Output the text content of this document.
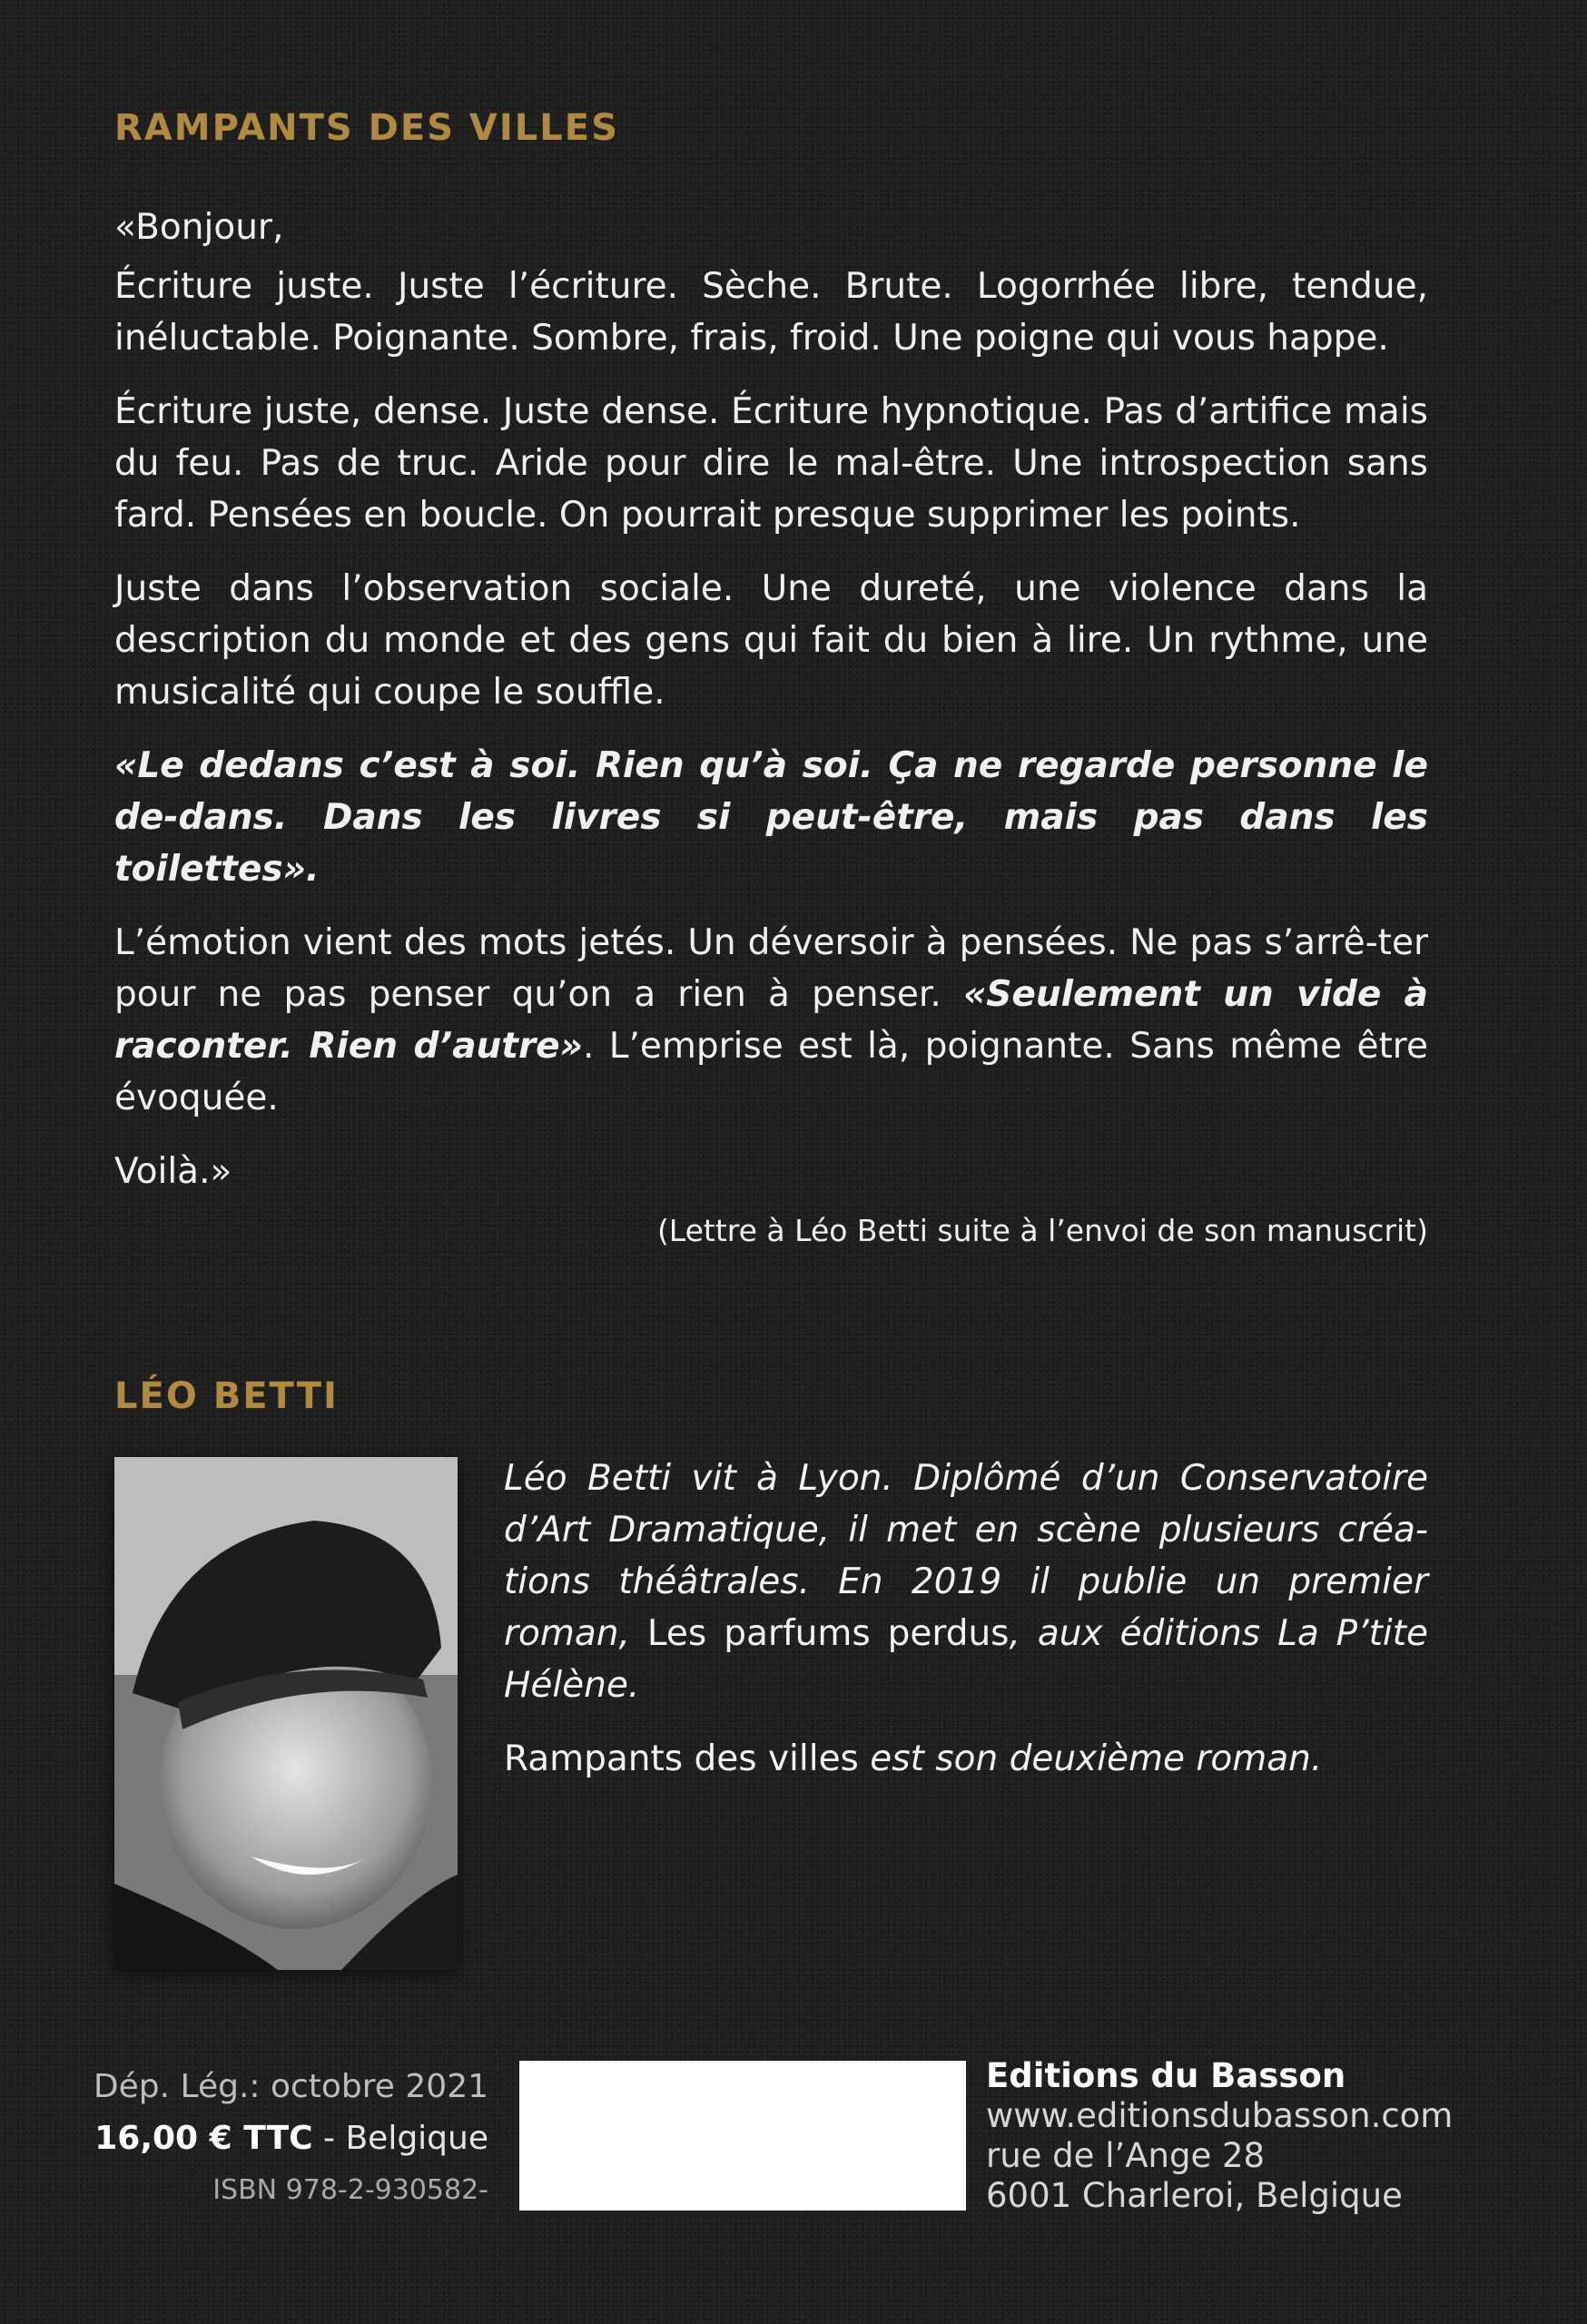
RAMPANTS DES VILLES

«Bonjour,

Écriture juste. Juste l’écriture. Sèche. Brute. Logorrhée libre, tendue, inéluctable. Poignante. Sombre, frais, froid. Une poigne qui vous happe.

Écriture juste, dense. Juste dense. Écriture hypnotique. Pas d’artifice mais du feu. Pas de truc. Aride pour dire le mal-être. Une introspection sans fard. Pensées en boucle. On pourrait presque supprimer les points.

Juste dans l’observation sociale. Une dureté, une violence dans la description du monde et des gens qui fait du bien à lire. Un rythme, une musicalité qui coupe le souffle.

«Le dedans c’est à soi. Rien qu’à soi. Ça ne regarde personne le de-dans. Dans les livres si peut-être, mais pas dans les toilettes».

L’émotion vient des mots jetés. Un déversoir à pensées. Ne pas s’arrê-ter pour ne pas penser qu’on a rien à penser. «Seulement un vide à raconter. Rien d’autre». L’emprise est là, poignante. Sans même être évoquée.

Voilà.»

(Lettre à Léo Betti suite à l’envoi de son manuscrit)

LÉO BETTI

Léo Betti vit à Lyon. Diplômé d’un Conservatoire d’Art Dramatique, il met en scène plusieurs créa-tions théâtrales. En 2019 il publie un premier roman, Les parfums perdus, aux éditions La P’tite Hélène.

Rampants des villes est son deuxième roman.

Dép. Lég.: octobre 2021
16,00 € TTC - Belgique
ISBN 978-2-930582-
Editions du Basson
www.editionsdubasson.com
rue de l’Ange 28
6001 Charleroi, Belgique
